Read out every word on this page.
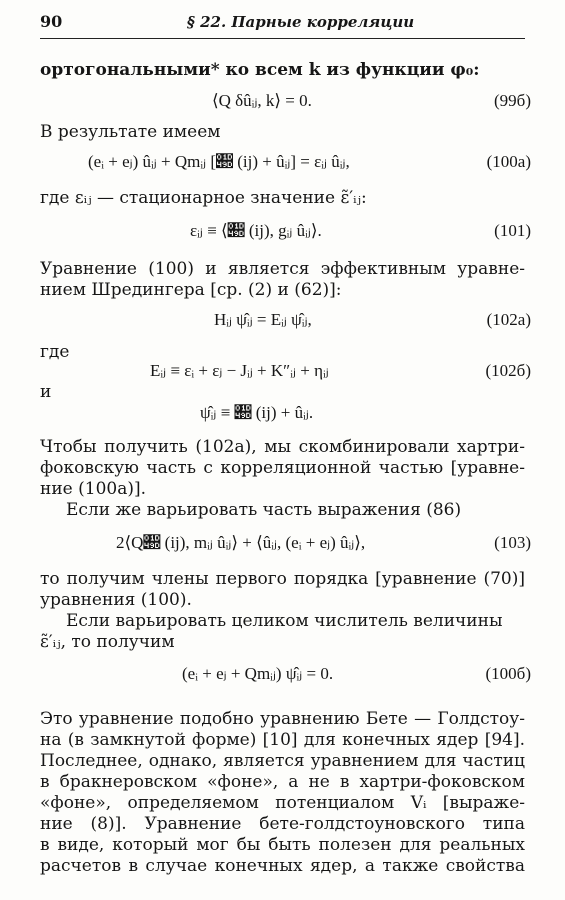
90	§ 22. Парные корреляции
ортогональными* ко всем k из функции φ₀:
⟨Q δûᵢⱼ, k⟩ = 0.	(99б)
В результате имеем
(eᵢ + eⱼ) ûᵢⱼ + Qmᵢⱼ [𝒝 (ij) + ûᵢⱼ] = εᵢⱼ ûᵢⱼ,	(100а)
где εᵢⱼ — стационарное значение ε̃′ᵢⱼ:
εᵢⱼ ≡ ⟨𝒝 (ij), gᵢⱼ ûᵢⱼ⟩.	(101)
Уравнение (100) и является эффективным уравне-
нием Шредингера [ср. (2) и (62)]:
Hᵢⱼ ψ̂ᵢⱼ = Eᵢⱼ ψ̂ᵢⱼ,	(102а)
где
Eᵢⱼ ≡ εᵢ + εⱼ − Jᵢⱼ + K″ᵢⱼ + ηᵢⱼ	(102б)
и
ψ̂ᵢⱼ ≡ 𝒝 (ij) + ûᵢⱼ.
Чтобы получить (102а), мы скомбинировали хартри-
фоковскую часть с корреляционной частью [уравне-
ние (100а)].
Если же варьировать часть выражения (86)
2⟨Q𝒝 (ij), mᵢⱼ ûᵢⱼ⟩ + ⟨ûᵢⱼ, (eᵢ + eⱼ) ûᵢⱼ⟩,	(103)
то получим члены первого порядка [уравнение (70)]
уравнения (100).
Если варьировать целиком числитель величины
ε̃′ᵢⱼ, то получим
(eᵢ + eⱼ + Qmᵢⱼ) ψ̂ᵢⱼ = 0.	(100б)
Это уравнение подобно уравнению Бете — Голдстоу-
на (в замкнутой форме) [10] для конечных ядер [94].
Последнее, однако, является уравнением для частиц
в бракнеровском «фоне», а не в хартри-фоковском
«фоне», определяемом потенциалом Vᵢ [выраже-
ние (8)]. Уравнение бете-голдстоуновского типа
в виде, который мог бы быть полезен для реальных
расчетов в случае конечных ядер, а также свойства
